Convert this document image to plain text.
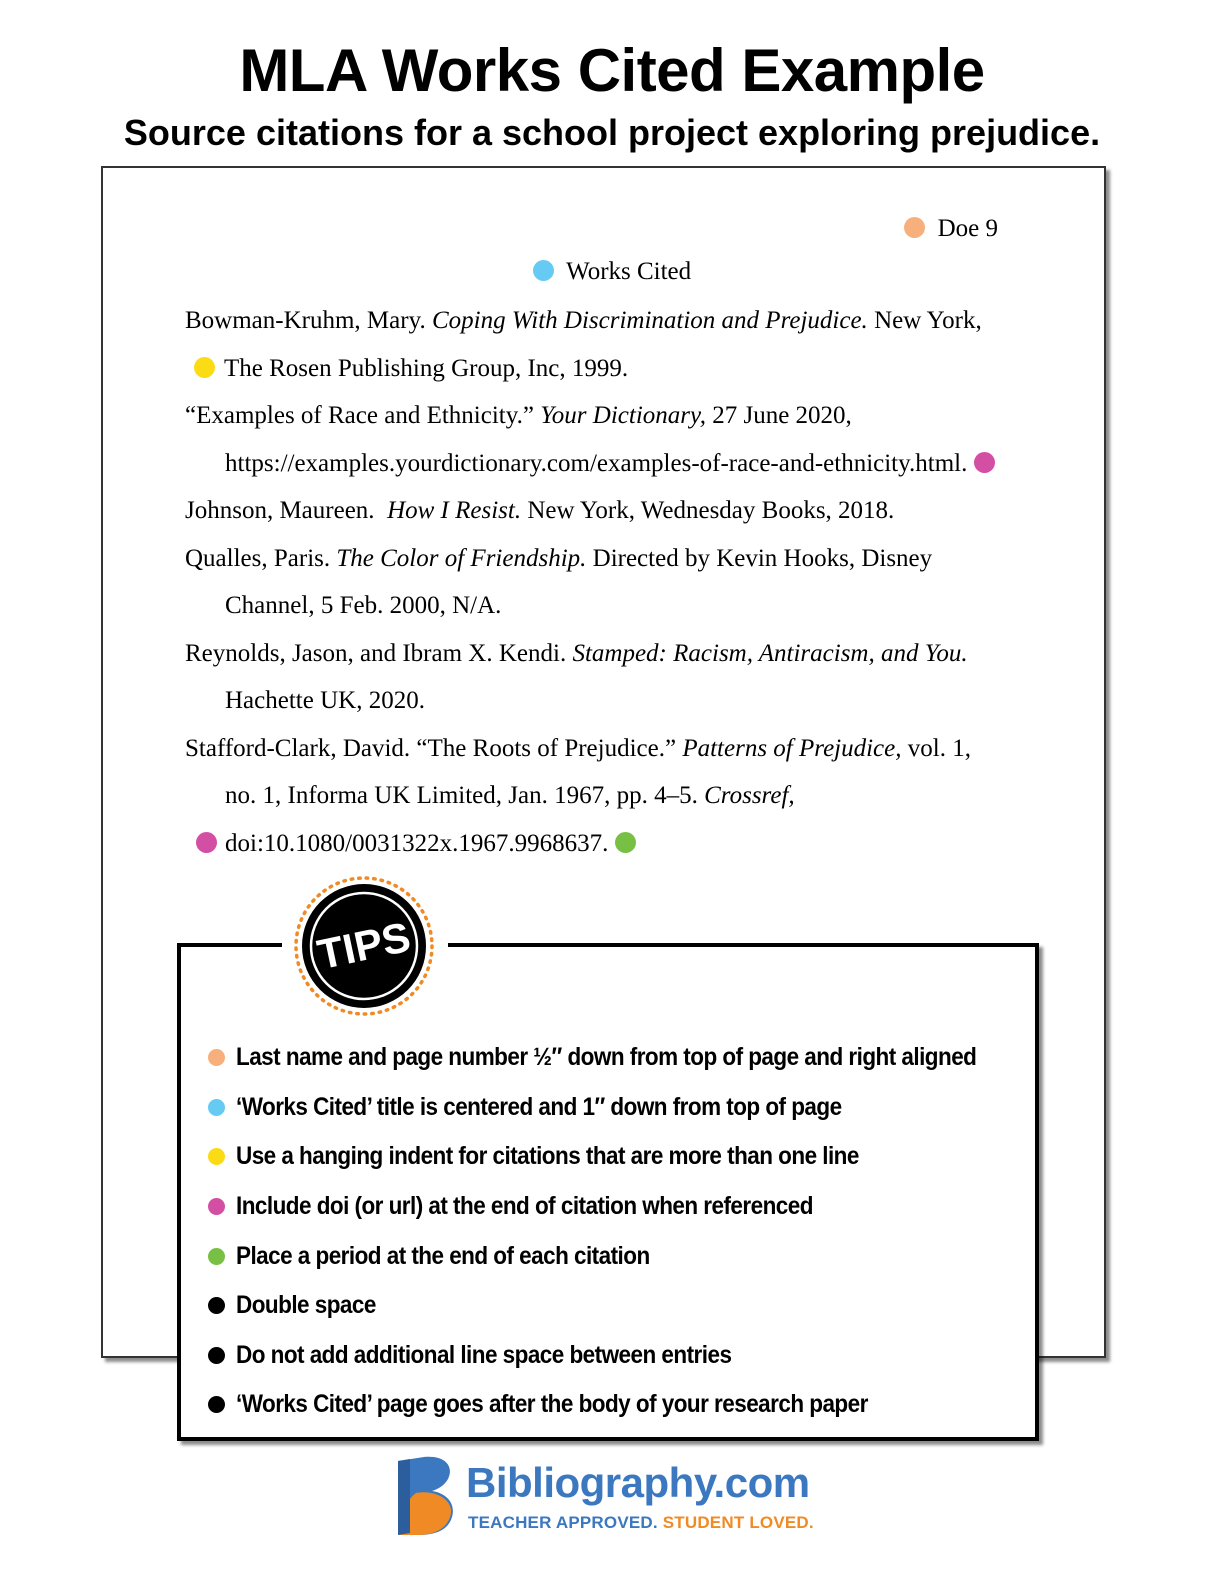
MLA Works Cited Example
Source citations for a school project exploring prejudice.
Doe 9
Works Cited
Bowman-Kruhm, Mary. Coping With Discrimination and Prejudice. New York,
The Rosen Publishing Group, Inc, 1999.
“Examples of Race and Ethnicity.” Your Dictionary, 27 June 2020,
https://examples.yourdictionary.com/examples-of-race-and-ethnicity.html.
Johnson, Maureen.  How I Resist. New York, Wednesday Books, 2018.
Qualles, Paris. The Color of Friendship. Directed by Kevin Hooks, Disney
Channel, 5 Feb. 2000, N/A.
Reynolds, Jason, and Ibram X. Kendi. Stamped: Racism, Antiracism, and You.
Hachette UK, 2020.
Stafford-Clark, David. “The Roots of Prejudice.” Patterns of Prejudice, vol. 1,
no. 1, Informa UK Limited, Jan. 1967, pp. 4–5. Crossref,
doi:10.1080/0031322x.1967.9968637.
TIPS
Last name and page number ½″ down from top of page and right aligned
‘Works Cited’ title is centered and 1″ down from top of page
Use a hanging indent for citations that are more than one line
Include doi (or url) at the end of citation when referenced
Place a period at the end of each citation
Double space
Do not add additional line space between entries
‘Works Cited’ page goes after the body of your research paper
Bibliography.com
TEACHER APPROVED. STUDENT LOVED.
